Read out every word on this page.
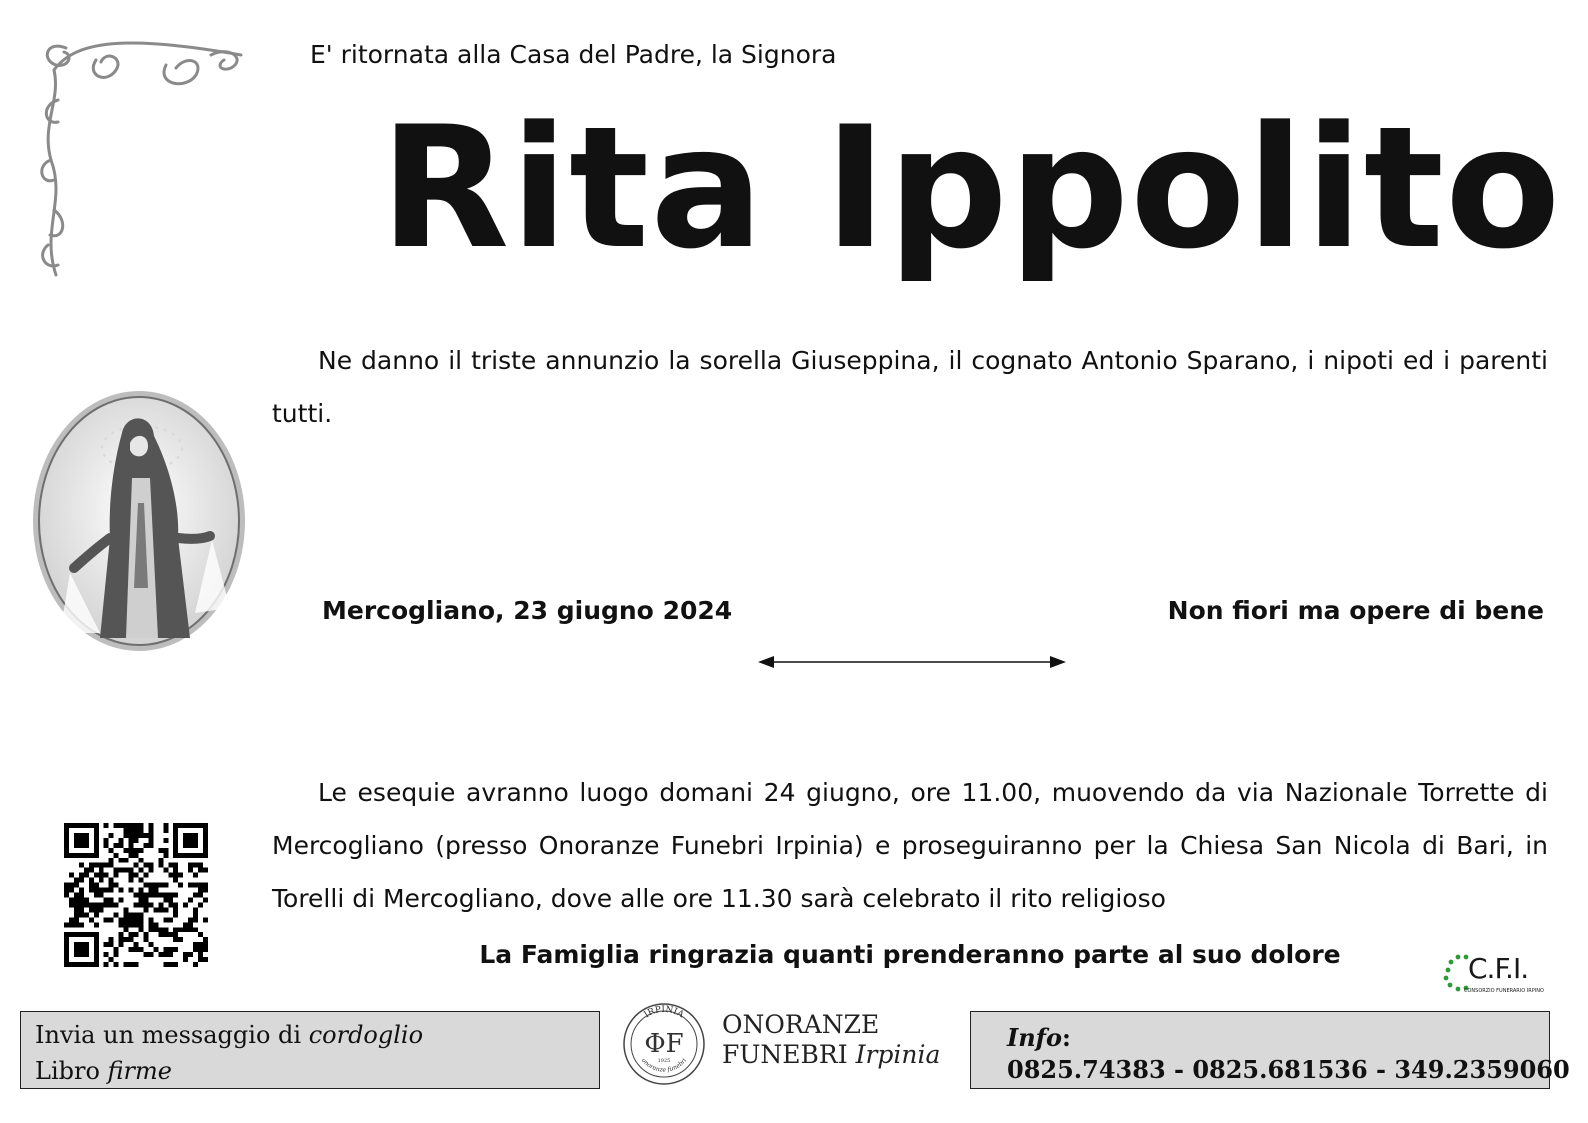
E' ritornata alla Casa del Padre, la Signora
Rita Ippolito
Ne danno il triste annunzio la sorella Giuseppina, il cognato Antonio Sparano, i nipoti ed i parenti tutti.
Mercogliano, 23 giugno 2024	Non fiori ma opere di bene
Le esequie avranno luogo domani 24 giugno, ore 11.00, muovendo da via Nazionale Torrette di Mercogliano (presso Onoranze Funebri Irpinia) e proseguiranno per la Chiesa San Nicola di Bari, in Torelli di Mercogliano, dove alle ore 11.30 sarà celebrato il rito religioso
La Famiglia ringrazia quanti prenderanno parte al suo dolore	C.F.I.
CONSORZIO FUNERARIO IRPINO
Invia un messaggio di cordoglio
Libro firme
IRPINIA
onoranze funebri
ΦF
1925
ONORANZE
FUNEBRI Irpinia
Info:
0825.74383 - 0825.681536 - 349.2359060
